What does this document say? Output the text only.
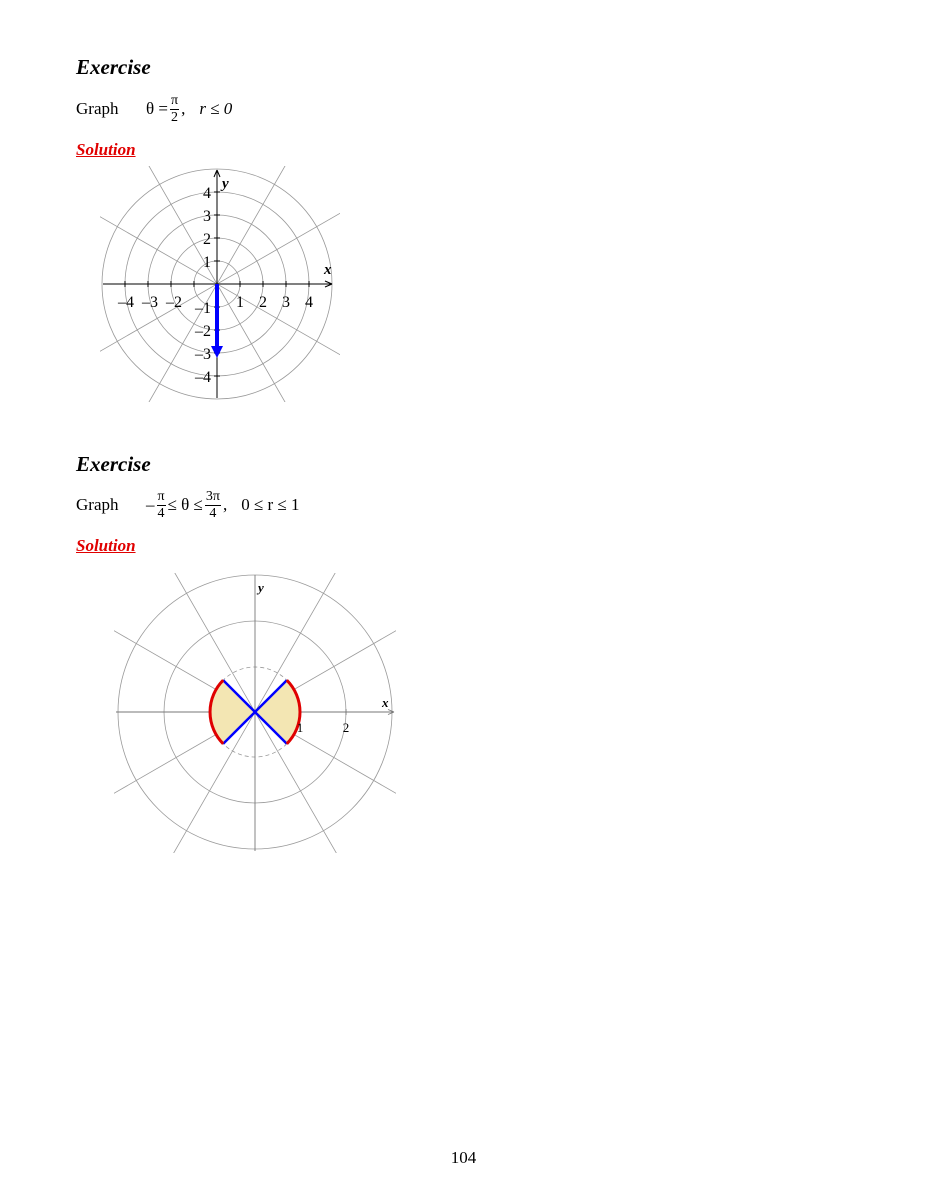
Exercise
Graph	$\theta = \frac{\pi}{2}$ , r ≤ 0
Solution
x
y
–4 –3 –2	1 2 3 4
4
3
2
1
–1
–2
–3
–4
Exercise
Graph	– $\frac{\pi}{4} \le \theta \le \frac{3\pi}{4}$ , 0 ≤ r ≤ 1
Solution
x
y
1	2
104
